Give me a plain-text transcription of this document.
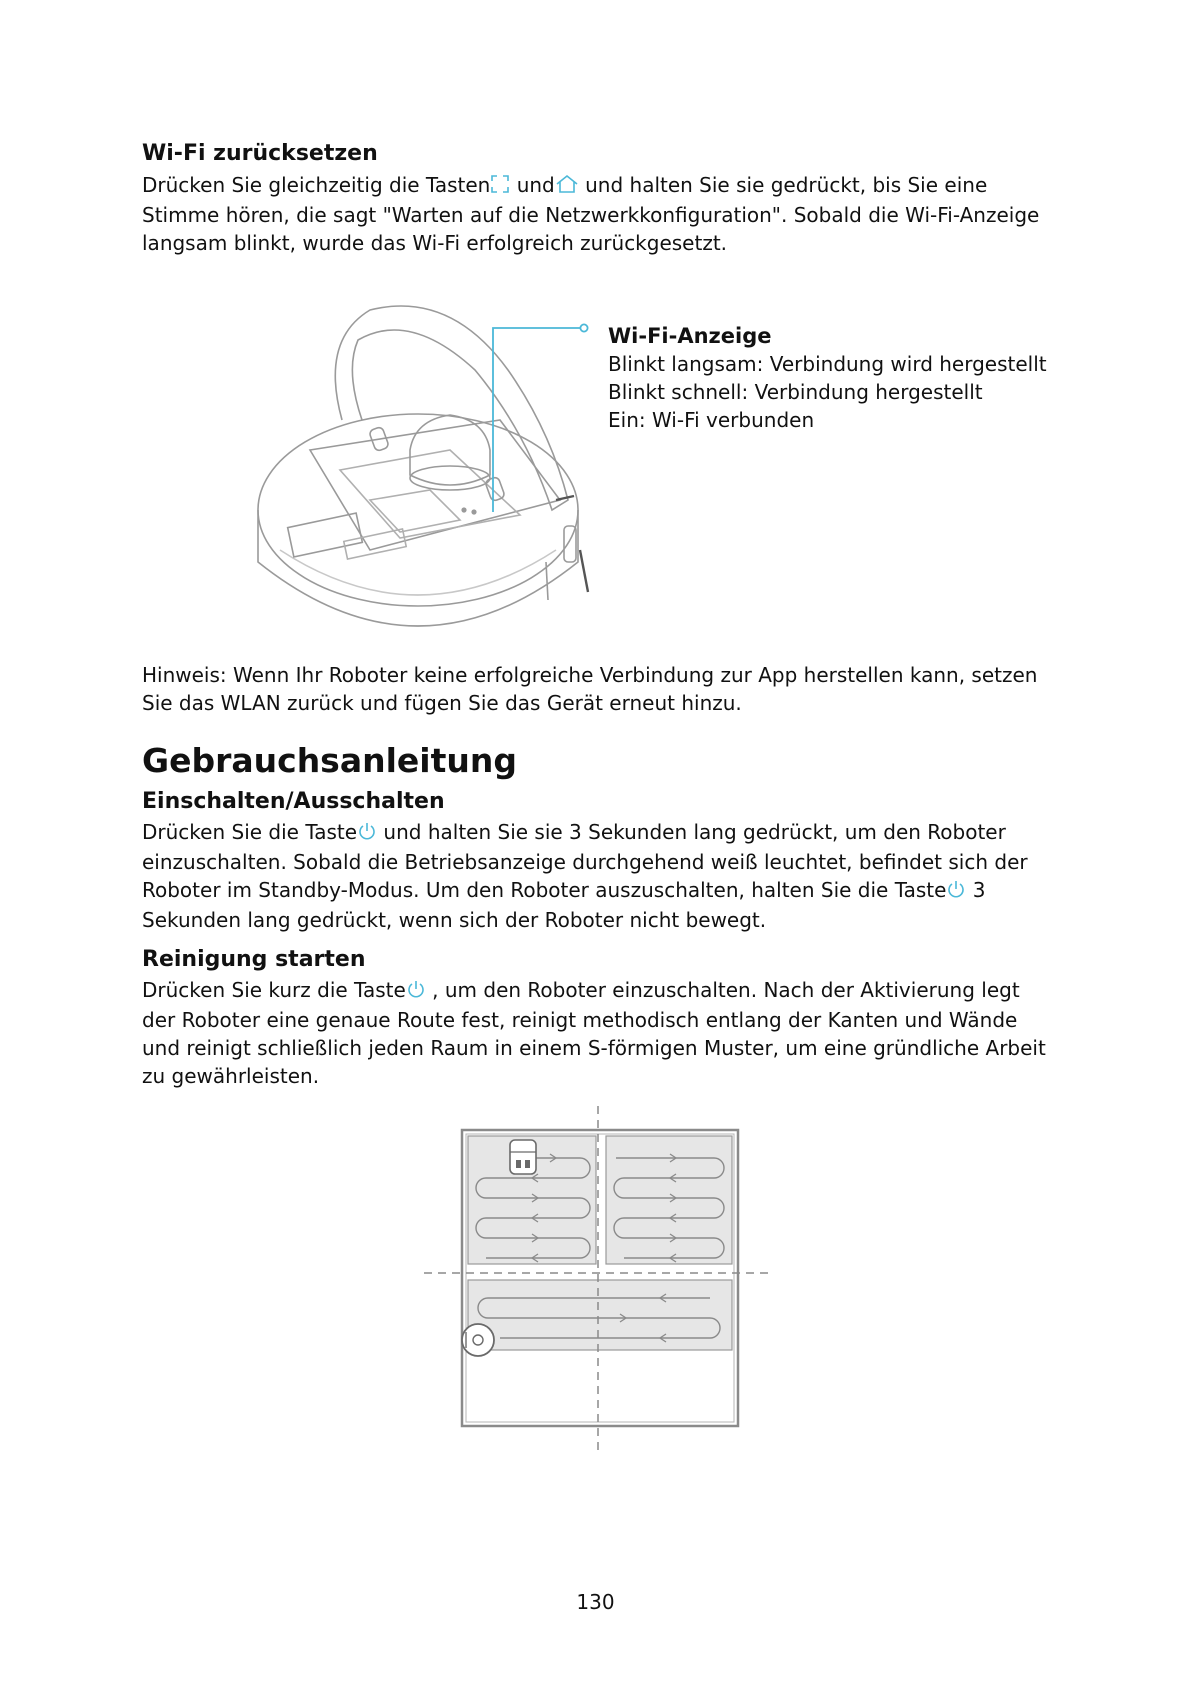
Wi-Fi zurücksetzen
Drücken Sie gleichzeitig die Tasten und und halten Sie sie gedrückt, bis Sie eine
Stimme hören, die sagt "Warten auf die Netzwerkkonfiguration". Sobald die Wi-Fi-Anzeige
langsam blinkt, wurde das Wi-Fi erfolgreich zurückgesetzt.
Wi-Fi-Anzeige
Blinkt langsam: Verbindung wird hergestellt
Blinkt schnell: Verbindung hergestellt
Ein: Wi-Fi verbunden
Hinweis: Wenn Ihr Roboter keine erfolgreiche Verbindung zur App herstellen kann, setzen
Sie das WLAN zurück und fügen Sie das Gerät erneut hinzu.
Gebrauchsanleitung
Einschalten/Ausschalten
Drücken Sie die Taste und halten Sie sie 3 Sekunden lang gedrückt, um den Roboter
einzuschalten. Sobald die Betriebsanzeige durchgehend weiß leuchtet, befindet sich der
Roboter im Standby-Modus. Um den Roboter auszuschalten, halten Sie die Taste 3
Sekunden lang gedrückt, wenn sich der Roboter nicht bewegt.
Reinigung starten
Drücken Sie kurz die Taste , um den Roboter einzuschalten. Nach der Aktivierung legt
der Roboter eine genaue Route fest, reinigt methodisch entlang der Kanten und Wände
und reinigt schließlich jeden Raum in einem S-förmigen Muster, um eine gründliche Arbeit
zu gewährleisten.
130
